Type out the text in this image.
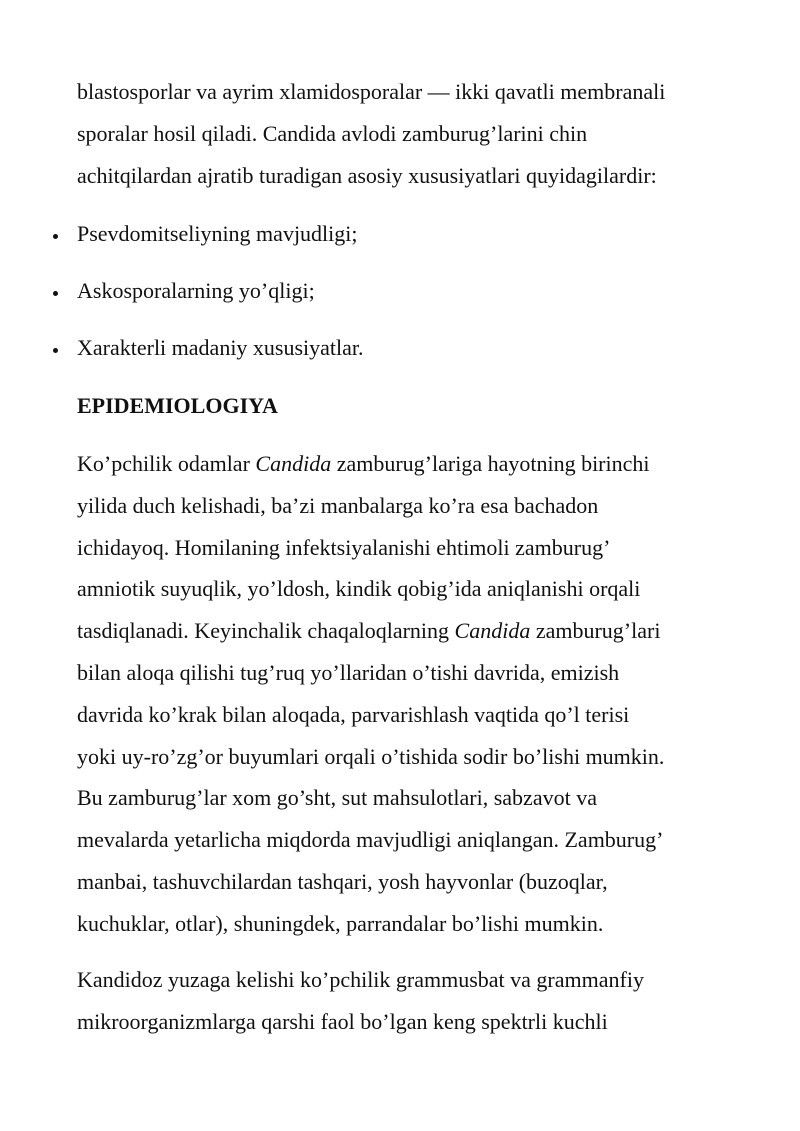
blastosporlar va ayrim xlamidosporalar — ikki qavatli membranali
sporalar hosil qiladi. Candida avlodi zamburug’larini chin
achitqilardan ajratib turadigan asosiy xususiyatlari quyidagilardir:

Psevdomitseliyning mavjudligi;
Askosporalarning yo’qligi;
Xarakterli madaniy xususiyatlar.
EPIDEMIOLOGIYA

Ko’pchilik odamlar Candida zamburug’lariga hayotning birinchi
yilida duch kelishadi, ba’zi manbalarga ko’ra esa bachadon
ichidayoq. Homilaning infektsiyalanishi ehtimoli zamburug’
amniotik suyuqlik, yo’ldosh, kindik qobig’ida aniqlanishi orqali
tasdiqlanadi. Keyinchalik chaqaloqlarning Candida zamburug’lari
bilan aloqa qilishi tug’ruq yo’llaridan o’tishi davrida, emizish
davrida ko’krak bilan aloqada, parvarishlash vaqtida qo’l terisi
yoki uy-ro’zg’or buyumlari orqali o’tishida sodir bo’lishi mumkin.
Bu zamburug’lar xom go’sht, sut mahsulotlari, sabzavot va
mevalarda yetarlicha miqdorda mavjudligi aniqlangan. Zamburug’
manbai, tashuvchilardan tashqari, yosh hayvonlar (buzoqlar,
kuchuklar, otlar), shuningdek, parrandalar bo’lishi mumkin.

Kandidoz yuzaga kelishi ko’pchilik grammusbat va grammanfiy
mikroorganizmlarga qarshi faol bo’lgan keng spektrli kuchli
